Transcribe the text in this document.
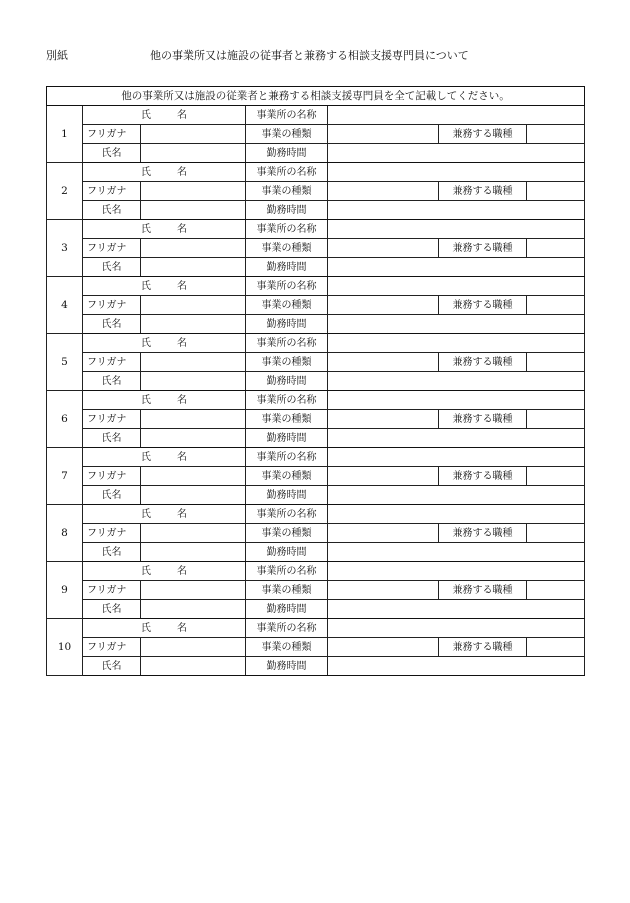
別紙	他の事業所又は施設の従事者と兼務する相談支援専門員について
他の事業所又は施設の従業者と兼務する相談支援専門員を全て記載してください。						
1	氏名		事業所の名称			
	フリガナ		事業の種類		兼務する職種	
	氏名		勤務時間			
2	氏名		事業所の名称			
	フリガナ		事業の種類		兼務する職種	
	氏名		勤務時間			
3	氏名		事業所の名称			
	フリガナ		事業の種類		兼務する職種	
	氏名		勤務時間			
4	氏名		事業所の名称			
	フリガナ		事業の種類		兼務する職種	
	氏名		勤務時間			
5	氏名		事業所の名称			
	フリガナ		事業の種類		兼務する職種	
	氏名		勤務時間			
6	氏名		事業所の名称			
	フリガナ		事業の種類		兼務する職種	
	氏名		勤務時間			
7	氏名		事業所の名称			
	フリガナ		事業の種類		兼務する職種	
	氏名		勤務時間			
8	氏名		事業所の名称			
	フリガナ		事業の種類		兼務する職種	
	氏名		勤務時間			
9	氏名		事業所の名称			
	フリガナ		事業の種類		兼務する職種	
	氏名		勤務時間			
10	氏名		事業所の名称			
	フリガナ		事業の種類		兼務する職種	
	氏名		勤務時間			
